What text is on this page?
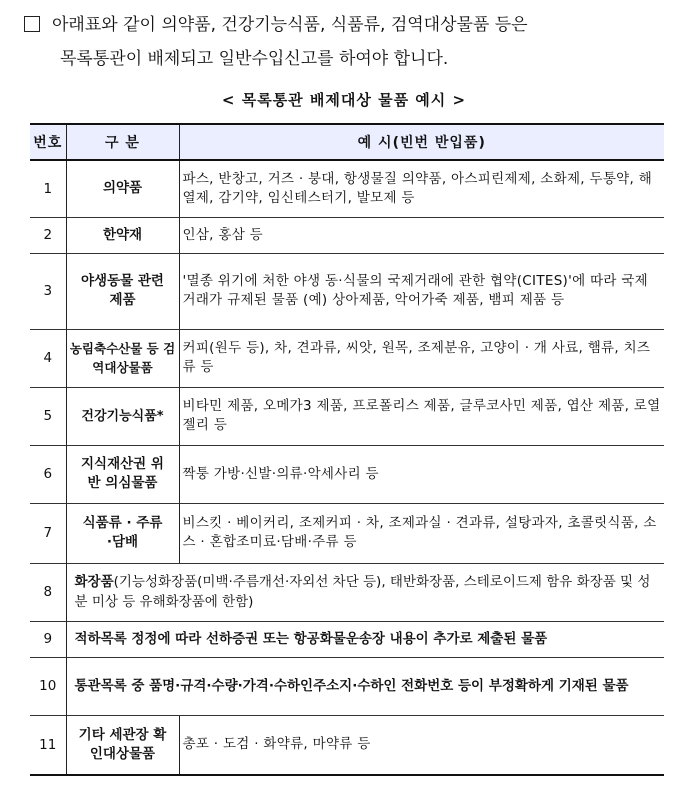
아래표와 같이 의약품, 건강기능식품, 식품류, 검역대상물품 등은
목록통관이 배제되고 일반수입신고를 하여야 합니다.
< 목록통관 배제대상 물품 예시 >
번호	구 분	예 시(빈번 반입품)
1	의약품	파스, 반창고, 거즈 · 붕대, 항생물질 의약품, 아스피린제제, 소화제, 두통약, 해열제, 감기약, 임신테스터기, 발모제 등
2	한약재	인삼, 홍삼 등
3	야생동물 관련 제품	'멸종 위기에 처한 야생 동·식물의 국제거래에 관한 협약(CITES)'에 따라 국제거래가 규제된 물품 (예) 상아제품, 악어가죽 제품, 뱀피 제품 등
4	농림축수산물 등 검역대상물품	커피(원두 등), 차, 견과류, 씨앗, 원목, 조제분유, 고양이 · 개 사료, 햄류, 치즈류 등
5	건강기능식품*	비타민 제품, 오메가3 제품, 프로폴리스 제품, 글루코사민 제품, 엽산 제품, 로열젤리 등
6	지식재산권 위반 의심물품	짝퉁 가방·신발·의류·악세사리 등
7	식품류 · 주류·담배	비스킷 · 베이커리, 조제커피 · 차, 조제과실 · 견과류, 설탕과자, 초콜릿식품, 소스 · 혼합조미료·담배·주류 등
8	화장품(기능성화장품(미백·주름개선·자외선 차단 등), 태반화장품, 스테로이드제 함유 화장품 및 성분 미상 등 유해화장품에 한함)	
9	적하목록 정정에 따라 선하증권 또는 항공화물운송장 내용이 추가로 제출된 물품	
10	통관목록 중 품명·규격·수량·가격·수하인주소지·수하인 전화번호 등이 부정확하게 기재된 물품	
11	기타 세관장 확인대상물품	총포 · 도검 · 화약류, 마약류 등
